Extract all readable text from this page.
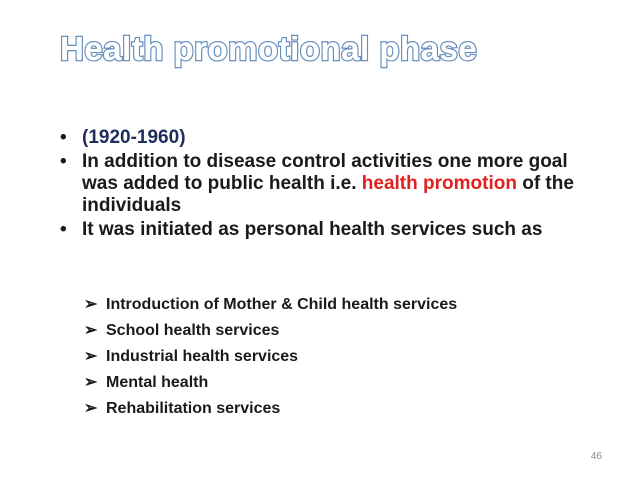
Health promotional phase
• (1920-1960)
• In addition to disease control activities one more goal was added to public health i.e. health promotion of the individuals
• It was initiated as personal health services such as
➢ Introduction of Mother & Child health services
➢ School health services
➢ Industrial health services
➢ Mental health
➢ Rehabilitation services
46
